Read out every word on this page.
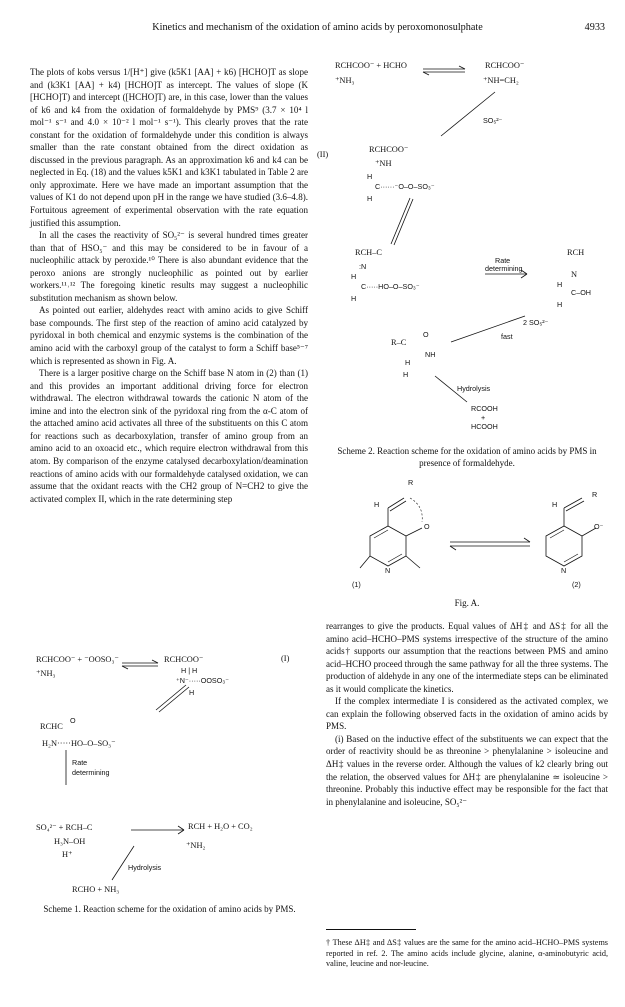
Kinetics and mechanism of the oxidation of amino acids by peroxomonosulphate	4933

The plots of kobs versus 1/[H⁺] give (k5K1 [AA] + k6) [HCHO]T as slope and (k3K1 [AA] + k4) [HCHO]T as intercept. The values of slope (K [HCHO]T) and intercept ([HCHO]T) are, in this case, lower than the values of k6 and k4 from the oxidation of formaldehyde by PMS⁹ (3.7 × 10⁴ l mol⁻¹ s⁻¹ and 4.0 × 10⁻² l mol⁻¹ s⁻¹). This clearly proves that the rate constant for the oxidation of formaldehyde under this condition is always smaller than the rate constant obtained from the direct oxidation as discussed in the previous paragraph. As an approximation k6 and k4 can be neglected in Eq. (18) and the values k5K1 and k3K1 tabulated in Table 2 are only approximate. Here we have made an important assumption that the values of K1 do not depend upon pH in the range we have studied (3.6–4.8). Fortuitous agreement of experimental observation with the rate equation justified this assumption.

In all the cases the reactivity of SO₅²⁻ is several hundred times greater than that of HSO₅⁻ and this may be considered to be in favour of a nucleophilic attack by peroxide.¹⁰ There is also abundant evidence that the peroxo anions are strongly nucleophilic as pointed out by earlier workers.¹¹˒¹² The foregoing kinetic results may suggest a nucleophilic substitution mechanism as shown below.

As pointed out earlier, aldehydes react with amino acids to give Schiff base compounds. The first step of the reaction of amino acid catalyzed by pyridoxal in both chemical and enzymic systems is the combination of the amino acid with the carboxyl group of the catalyst to form a Schiff base⁵⁻⁷ which is represented as shown in Fig. A.

There is a larger positive charge on the Schiff base N atom in (2) than (1) and this provides an important additional driving force for electron withdrawal. The electron withdrawal towards the cationic N atom of the imine and into the electron sink of the pyridoxal ring from the α-C atom of the attached amino acid activates all three of the substituents on this C atom for reactions such as decarboxylation, transfer of amino group from an amino acid to an oxoacid etc., which require electron withdrawal from this atom. By comparison of the enzyme catalysed decarboxylation/deamination reactions of amino acids with our formaldehyde catalysed oxidation, we can assume that the oxidant reacts with the CH2 group of N=CH2 to give the activated complex II, which in the rate determining step

RCHCOO⁻ + ⁻OOSO₃⁻
⁺NH₃
RCHCOO⁻	(I)
H | H
⁺N⁻·····OOSO₃⁻
H
RCHC
O
H₂N·····HO–O–SO₃⁻
Rate
determining
SO₄²⁻ + RCH–C
H₃N–OH
H⁺
RCH + H₂O + CO₂
⁺NH₂
Hydrolysis
RCHO + NH₃
Scheme 1. Reaction scheme for the oxidation of amino acids by PMS.
RCHCOO⁻ + HCHO
⁺NH₃
RCHCOO⁻
⁺NH=CH₂
SO₅²⁻
(II)
RCHCOO⁻
⁺NH
H
C······⁻O–O–SO₃⁻
H
RCH–C
:N
H
C·····HO–O–SO₃⁻
H
Rate
determining
RCH
N
H
C–OH
H
2 SO₅²⁻
fast
R–C
O
NH
H
H
Hydrolysis
RCOOH
+
HCOOH
Scheme 2. Reaction scheme for the oxidation of amino acids by PMS in presence of formaldehyde.
R
H
O
N
R
H
N
O⁻
(1)	(2)
Fig. A.

rearranges to give the products. Equal values of ΔH‡ and ΔS‡ for all the amino acid–HCHO–PMS systems irrespective of the structure of the amino acids† supports our assumption that the reactions between PMS and amino acid–HCHO proceed through the same pathway for all the three systems. The production of aldehyde in any one of the intermediate steps can be eliminated as it would complicate the kinetics.

If the complex intermediate I is considered as the activated complex, we can explain the following observed facts in the oxidation of amino acids by PMS.

(i) Based on the inductive effect of the substituents we can expect that the order of reactivity should be as threonine > phenylalanine > isoleucine and ΔH‡ values in the reverse order. Although the values of k2 clearly bring out the relation, the observed values for ΔH‡ are phenylalanine ≃ isoleucine > threonine. Probably this inductive effect may be responsible for the fact that in phenylalanine and isoleucine, SO₅²⁻

† These ΔH‡ and ΔS‡ values are the same for the amino acid–HCHO–PMS systems reported in ref. 2. The amino acids include glycine, alanine, α-aminobutyric acid, valine, leucine and nor-leucine.
